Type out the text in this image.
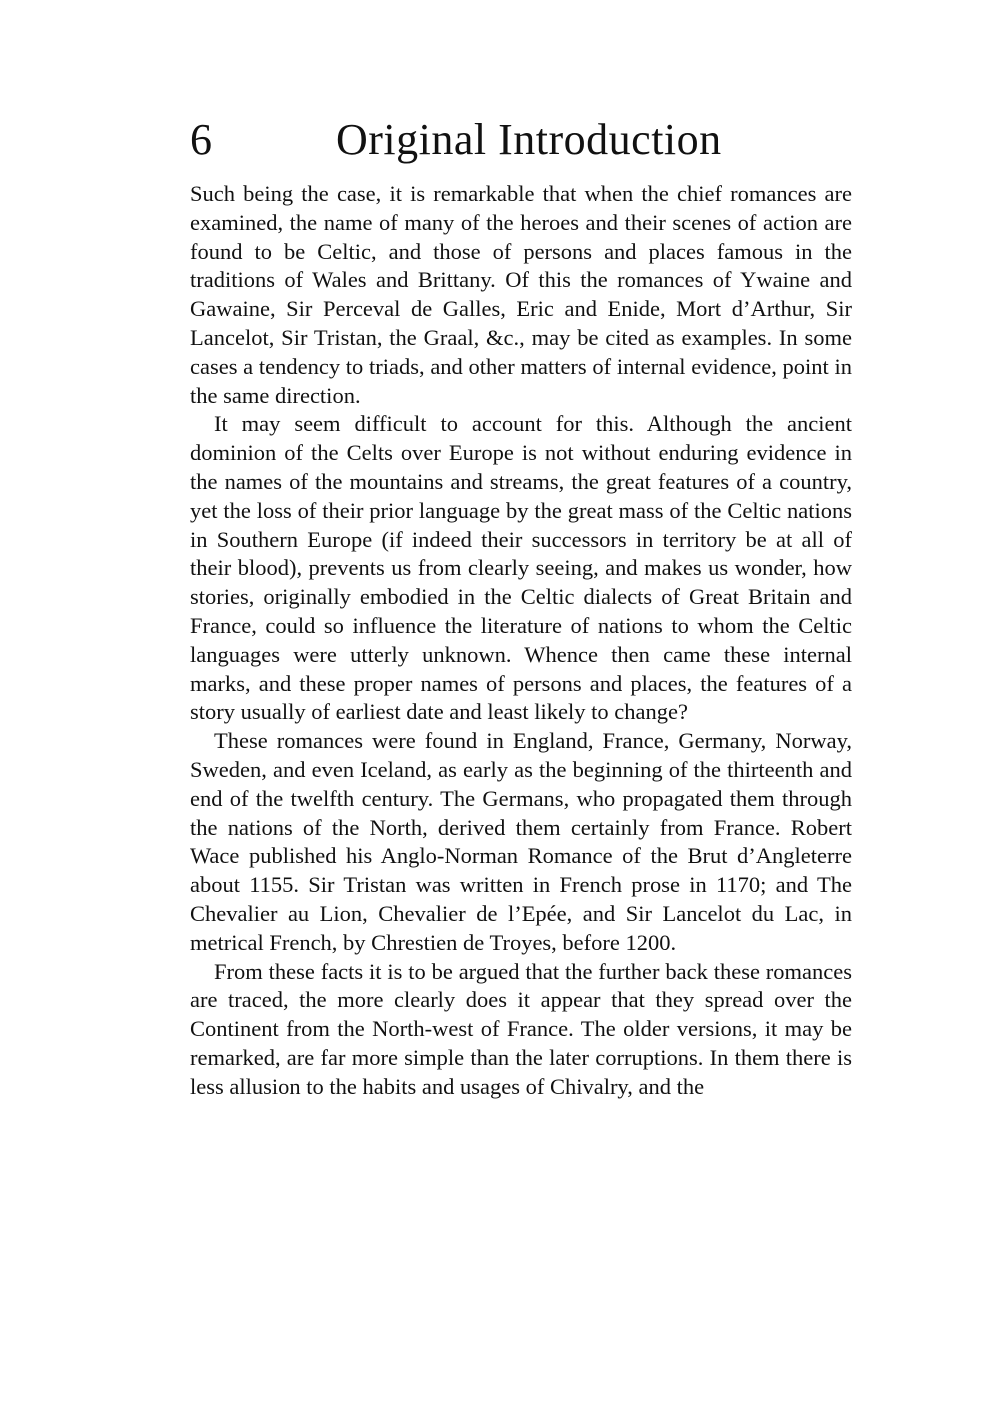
6	Original Introduction

Such being the case, it is remarkable that when the chief romances are examined, the name of many of the heroes and their scenes of action are found to be Celtic, and those of persons and places famous in the traditions of Wales and Brittany. Of this the romances of Ywaine and Gawaine, Sir Perceval de Galles, Eric and Enide, Mort d’Arthur, Sir Lancelot, Sir Tristan, the Graal, &c., may be cited as examples. In some cases a tendency to triads, and other matters of internal evidence, point in the same direction.

It may seem difficult to account for this. Although the ancient dominion of the Celts over Europe is not without enduring evidence in the names of the mountains and streams, the great features of a country, yet the loss of their prior language by the great mass of the Celtic nations in Southern Europe (if indeed their successors in territory be at all of their blood), prevents us from clearly seeing, and makes us wonder, how stories, originally embodied in the Celtic dialects of Great Britain and France, could so influence the literature of nations to whom the Celtic languages were utterly unknown. Whence then came these internal marks, and these proper names of persons and places, the features of a story usually of earliest date and least likely to change?

These romances were found in England, France, Germany, Norway, Sweden, and even Iceland, as early as the beginning of the thirteenth and end of the twelfth century. The Germans, who propagated them through the nations of the North, derived them certainly from France. Robert Wace published his Anglo-Norman Romance of the Brut d’Angleterre about 1155. Sir Tristan was written in French prose in 1170; and The Chevalier au Lion, Chevalier de l’Epée, and Sir Lancelot du Lac, in metrical French, by Chrestien de Troyes, before 1200.

From these facts it is to be argued that the further back these romances are traced, the more clearly does it appear that they spread over the Continent from the North-west of France. The older versions, it may be remarked, are far more simple than the later corruptions. In them there is less allusion to the habits and usages of Chivalry, and the
